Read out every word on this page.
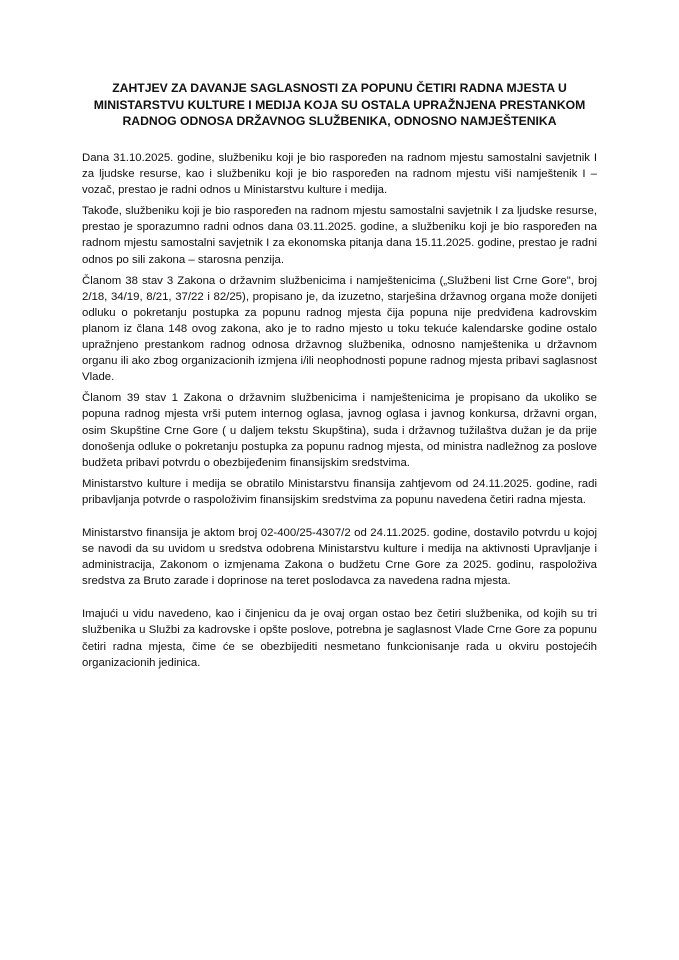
ZAHTJEV ZA DAVANJE SAGLASNOSTI ZA POPUNU ČETIRI RADNA MJESTA U MINISTARSTVU KULTURE I MEDIJA KOJA SU OSTALA UPRAŽNJENA PRESTANKOM RADNOG ODNOSA DRŽAVNOG SLUŽBENIKA, ODNOSNO NAMJEŠTENIKA

Dana 31.10.2025. godine, službeniku koji je bio raspoređen na radnom mjestu samostalni savjetnik I za ljudske resurse, kao i službeniku koji je bio raspoređen na radnom mjestu viši namještenik I – vozač, prestao je radni odnos u Ministarstvu kulture i medija.

Takođe, službeniku koji je bio raspoređen na radnom mjestu samostalni savjetnik I za ljudske resurse, prestao je sporazumno radni odnos dana 03.11.2025. godine, a službeniku koji je bio raspoređen na radnom mjestu samostalni savjetnik I za ekonomska pitanja dana 15.11.2025. godine, prestao je radni odnos po sili zakona – starosna penzija.

Članom 38 stav 3 Zakona o državnim službenicima i namještenicima („Službeni list Crne Gore", broj 2/18, 34/19, 8/21, 37/22 i 82/25), propisano je, da izuzetno, starješina državnog organa može donijeti odluku o pokretanju postupka za popunu radnog mjesta čija popuna nije predviđena kadrovskim planom iz člana 148 ovog zakona, ako je to radno mjesto u toku tekuće kalendarske godine ostalo upražnjeno prestankom radnog odnosa državnog službenika, odnosno namještenika u državnom organu ili ako zbog organizacionih izmjena i/ili neophodnosti popune radnog mjesta pribavi saglasnost Vlade.

Članom 39 stav 1 Zakona o državnim službenicima i namještenicima je propisano da ukoliko se popuna radnog mjesta vrši putem internog oglasa, javnog oglasa i javnog konkursa, državni organ, osim Skupštine Crne Gore ( u daljem tekstu Skupština), suda i državnog tužilaštva dužan je da prije donošenja odluke o pokretanju postupka za popunu radnog mjesta, od ministra nadležnog za poslove budžeta pribavi potvrdu o obezbijeđenim finansijskim sredstvima.

Ministarstvo kulture i medija se obratilo Ministarstvu finansija zahtjevom od 24.11.2025. godine, radi pribavljanja potvrde o raspoloživim finansijskim sredstvima za popunu navedena četiri radna mjesta.

Ministarstvo finansija je aktom broj 02-400/25-4307/2 od 24.11.2025. godine, dostavilo potvrdu u kojoj se navodi da su uvidom u sredstva odobrena Ministarstvu kulture i medija na aktivnosti Upravljanje i administracija, Zakonom o izmjenama Zakona o budžetu Crne Gore za 2025. godinu, raspoloživa sredstva za Bruto zarade i doprinose na teret poslodavca za navedena radna mjesta.

Imajući u vidu navedeno, kao i činjenicu da je ovaj organ ostao bez četiri službenika, od kojih su tri službenika u Službi za kadrovske i opšte poslove, potrebna je saglasnost Vlade Crne Gore za popunu četiri radna mjesta, čime će se obezbijediti nesmetano funkcionisanje rada u okviru postojećih organizacionih jedinica.
